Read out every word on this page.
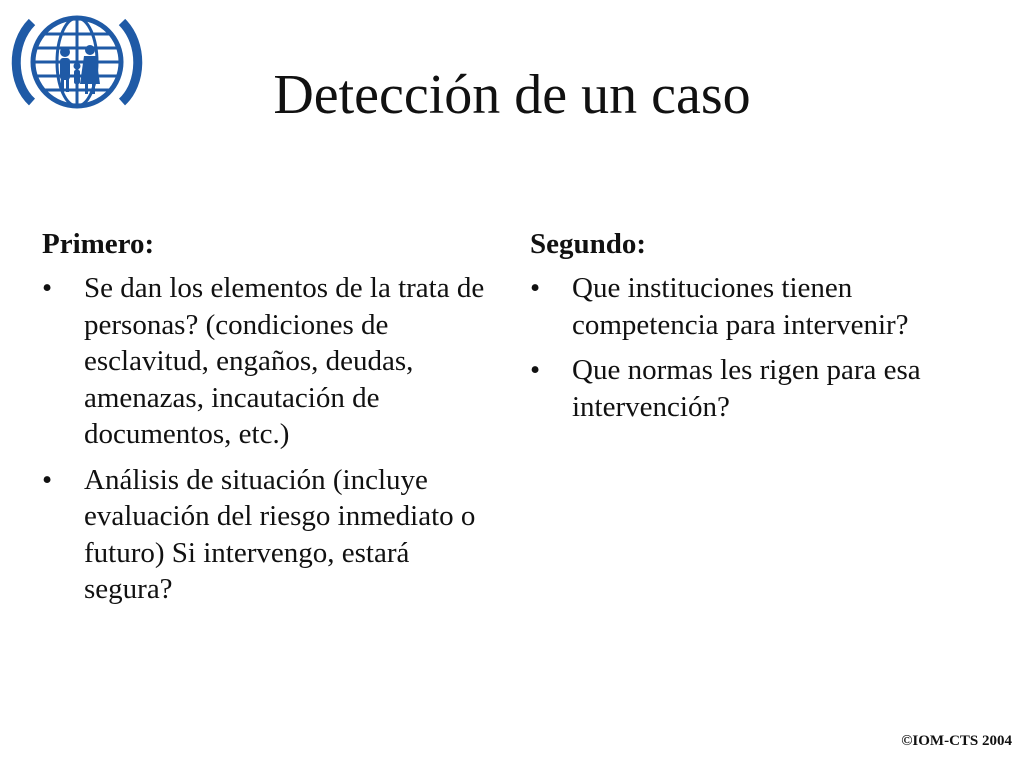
Detección de un caso
Primero:
• Se dan los elementos de la trata de personas? (condiciones de esclavitud, engaños, deudas, amenazas, incautación de documentos, etc.)
• Análisis de situación (incluye evaluación del riesgo inmediato o futuro) Si intervengo, estará segura?
Segundo:
• Que instituciones tienen competencia para intervenir?
• Que normas les rigen para esa intervención?
©IOM-CTS 2004
